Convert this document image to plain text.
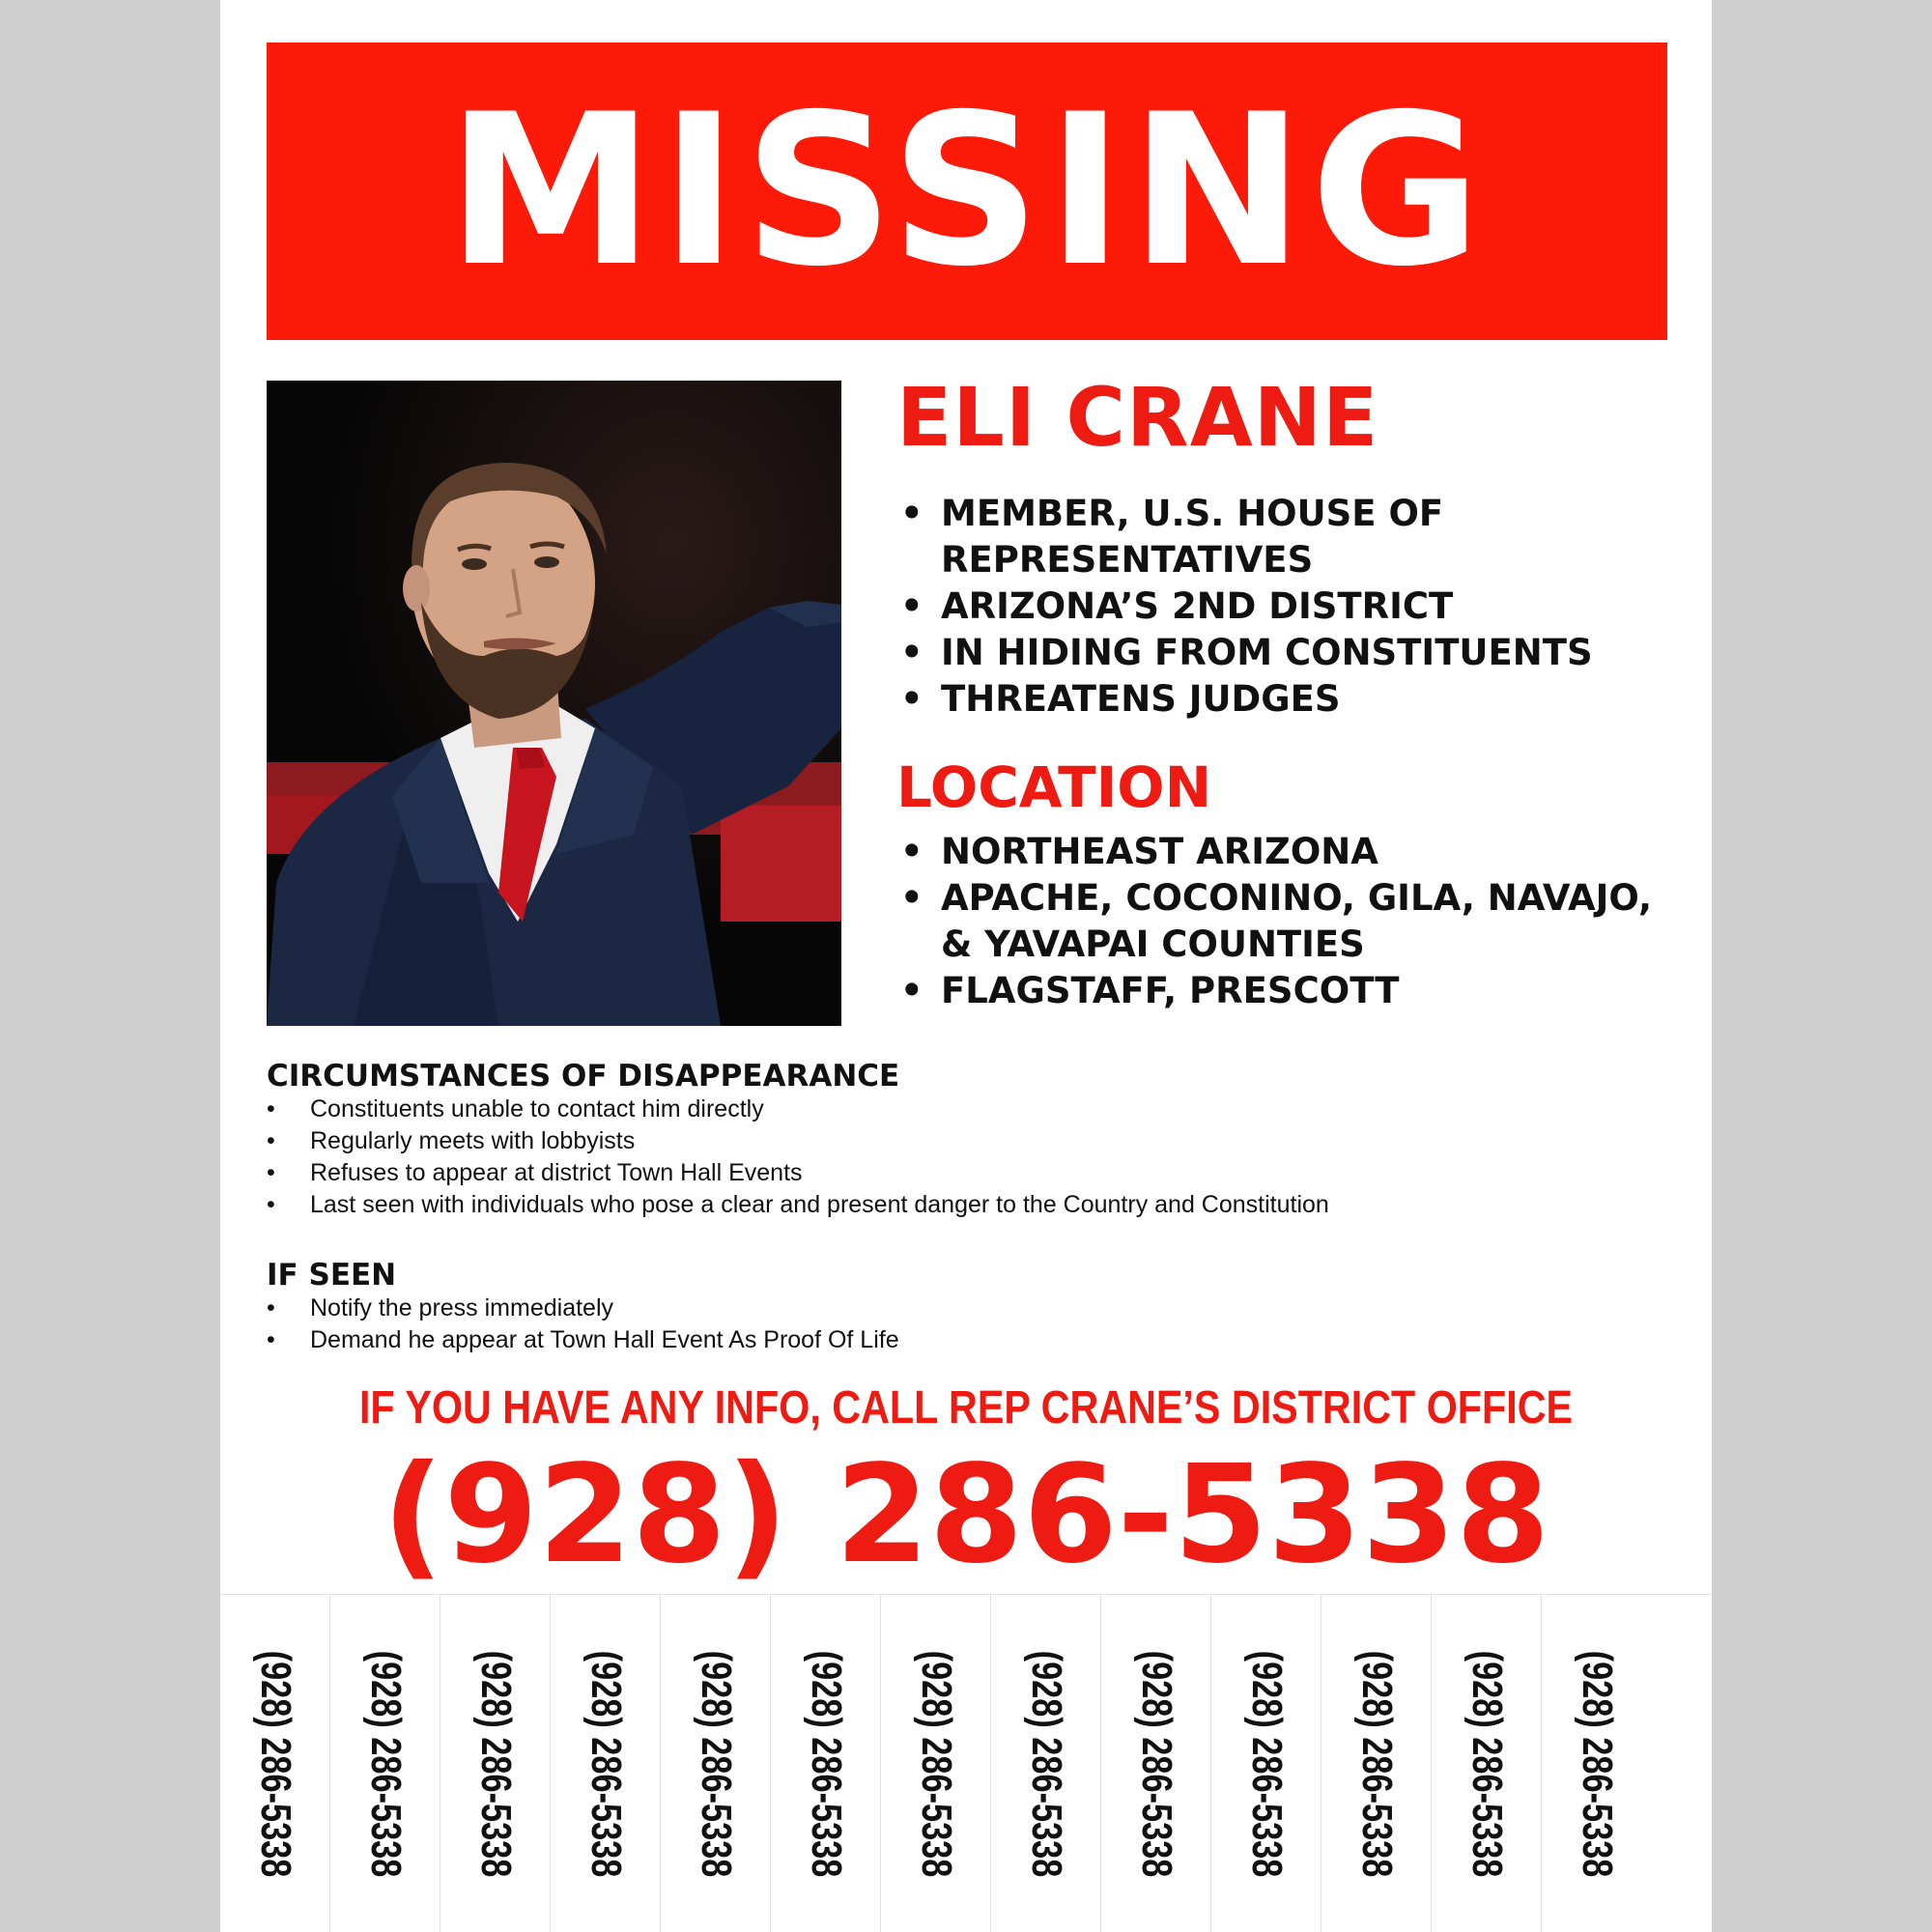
MISSING
ELI CRANE
• MEMBER, U.S. HOUSE OF REPRESENTATIVES
• ARIZONA’S 2ND DISTRICT
• IN HIDING FROM CONSTITUENTS
• THREATENS JUDGES
LOCATION
• NORTHEAST ARIZONA
• APACHE, COCONINO, GILA, NAVAJO, & YAVAPAI COUNTIES
• FLAGSTAFF, PRESCOTT
CIRCUMSTANCES OF DISAPPEARANCE
• Constituents unable to contact him directly
• Regularly meets with lobbyists
• Refuses to appear at district Town Hall Events
• Last seen with individuals who pose a clear and present danger to the Country and Constitution
IF SEEN
• Notify the press immediately
• Demand he appear at Town Hall Event As Proof Of Life
IF YOU HAVE ANY INFO, CALL REP CRANE’S DISTRICT OFFICE
(928) 286-5338
(928) 286-5338 (928) 286-5338 (928) 286-5338 (928) 286-5338 (928) 286-5338 (928) 286-5338 (928) 286-5338 (928) 286-5338 (928) 286-5338 (928) 286-5338 (928) 286-5338 (928) 286-5338 (928) 286-5338
